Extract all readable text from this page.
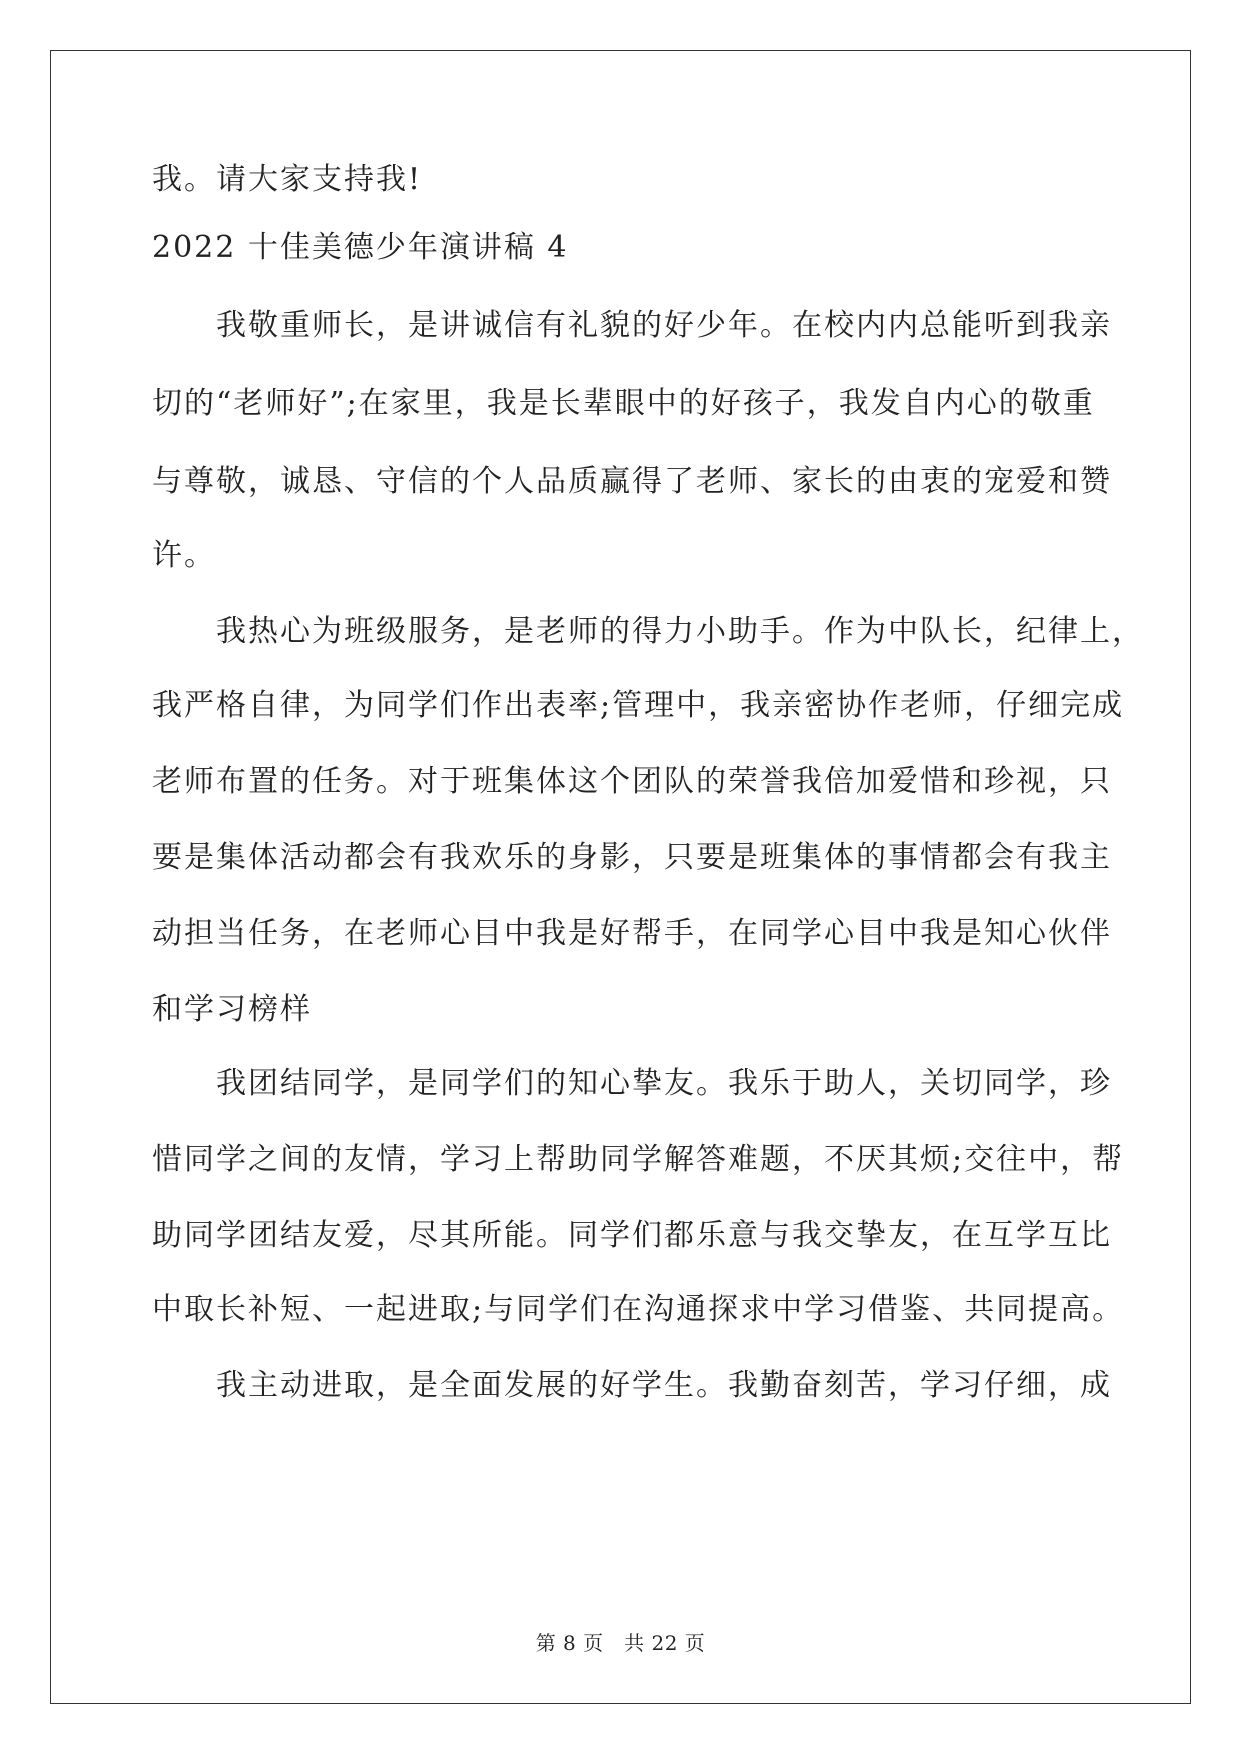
我。请大家支持我!
2022 十佳美德少年演讲稿 4
　　我敬重师长，是讲诚信有礼貌的好少年。在校内内总能听到我亲
切的“老师好”;在家里，我是长辈眼中的好孩子，我发自内心的敬重
与尊敬，诚恳、守信的个人品质赢得了老师、家长的由衷的宠爱和赞
许。
　　我热心为班级服务，是老师的得力小助手。作为中队长，纪律上，
我严格自律，为同学们作出表率;管理中，我亲密协作老师，仔细完成
老师布置的任务。对于班集体这个团队的荣誉我倍加爱惜和珍视，只
要是集体活动都会有我欢乐的身影，只要是班集体的事情都会有我主
动担当任务，在老师心目中我是好帮手，在同学心目中我是知心伙伴
和学习榜样
　　我团结同学，是同学们的知心挚友。我乐于助人，关切同学，珍
惜同学之间的友情，学习上帮助同学解答难题，不厌其烦;交往中，帮
助同学团结友爱，尽其所能。同学们都乐意与我交挚友，在互学互比
中取长补短、一起进取;与同学们在沟通探求中学习借鉴、共同提高。
　　我主动进取，是全面发展的好学生。我勤奋刻苦，学习仔细，成
第 8 页　共 22 页
